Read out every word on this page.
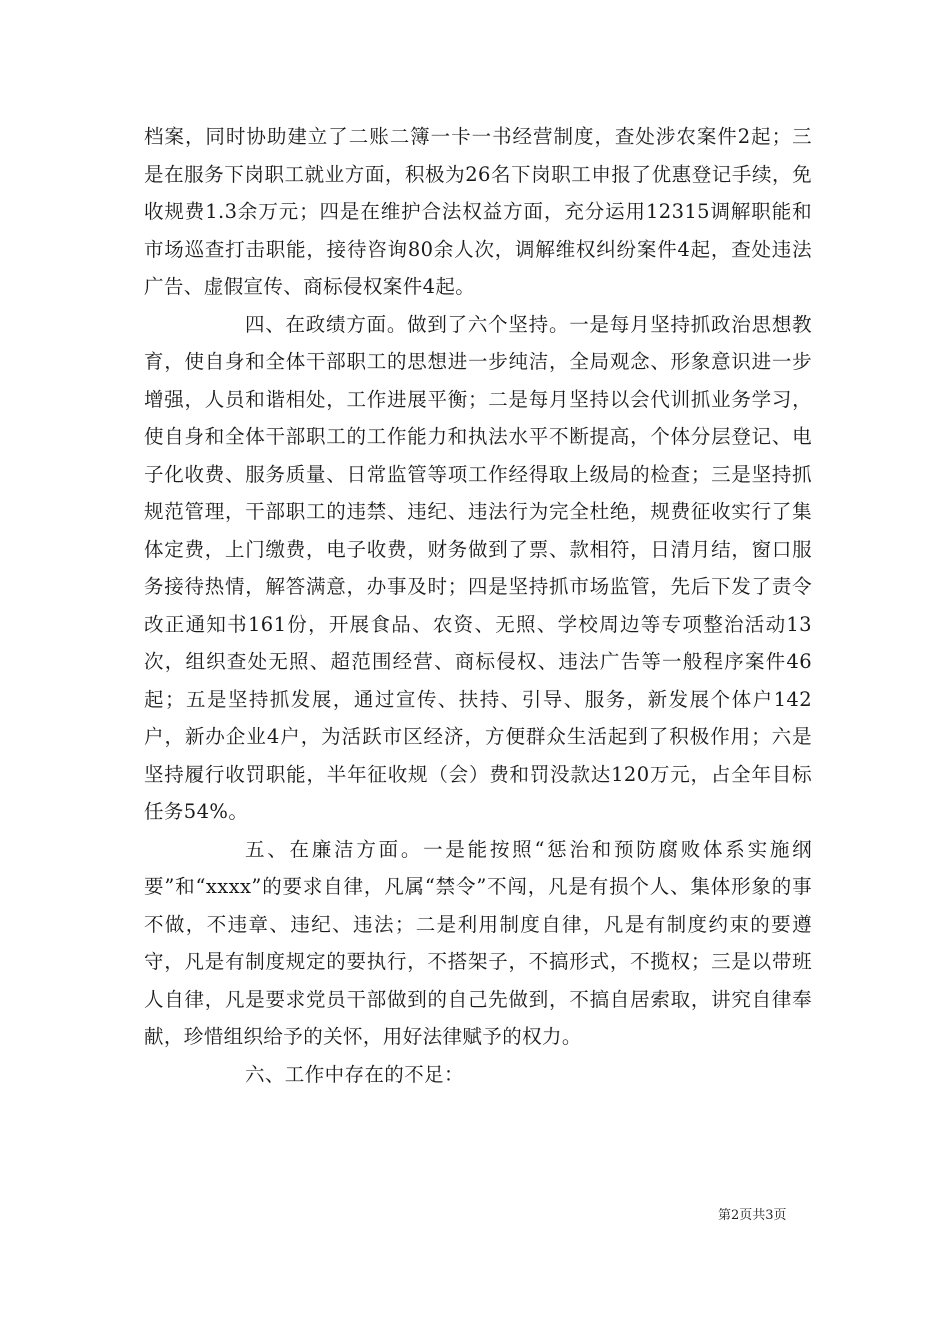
档案，同时协助建立了二账二簿一卡一书经营制度，查处涉农案件2起；三是在服务下岗职工就业方面，积极为26名下岗职工申报了优惠登记手续，免收规费1.3余万元；四是在维护合法权益方面，充分运用12315调解职能和市场巡查打击职能，接待咨询80余人次，调解维权纠纷案件4起，查处违法广告、虚假宣传、商标侵权案件4起。

四、在政绩方面。做到了六个坚持。一是每月坚持抓政治思想教育，使自身和全体干部职工的思想进一步纯洁，全局观念、形象意识进一步增强，人员和谐相处，工作进展平衡；二是每月坚持以会代训抓业务学习，使自身和全体干部职工的工作能力和执法水平不断提高，个体分层登记、电子化收费、服务质量、日常监管等项工作经得取上级局的检查；三是坚持抓规范管理，干部职工的违禁、违纪、违法行为完全杜绝，规费征收实行了集体定费，上门缴费，电子收费，财务做到了票、款相符，日清月结，窗口服务接待热情，解答满意，办事及时；四是坚持抓市场监管，先后下发了责令改正通知书161份，开展食品、农资、无照、学校周边等专项整治活动13次，组织查处无照、超范围经营、商标侵权、违法广告等一般程序案件46起；五是坚持抓发展，通过宣传、扶持、引导、服务，新发展个体户142户，新办企业4户，为活跃市区经济，方便群众生活起到了积极作用；六是坚持履行收罚职能，半年征收规（会）费和罚没款达120万元，占全年目标任务54%。

五、在廉洁方面。一是能按照“惩治和预防腐败体系实施纲要”和“xxxx”的要求自律，凡属“禁令”不闯，凡是有损个人、集体形象的事不做，不违章、违纪、违法；二是利用制度自律，凡是有制度约束的要遵守，凡是有制度规定的要执行，不搭架子，不搞形式，不揽权；三是以带班人自律，凡是要求党员干部做到的自己先做到，不搞自居索取，讲究自律奉献，珍惜组织给予的关怀，用好法律赋予的权力。

六、工作中存在的不足：

第2页共3页
